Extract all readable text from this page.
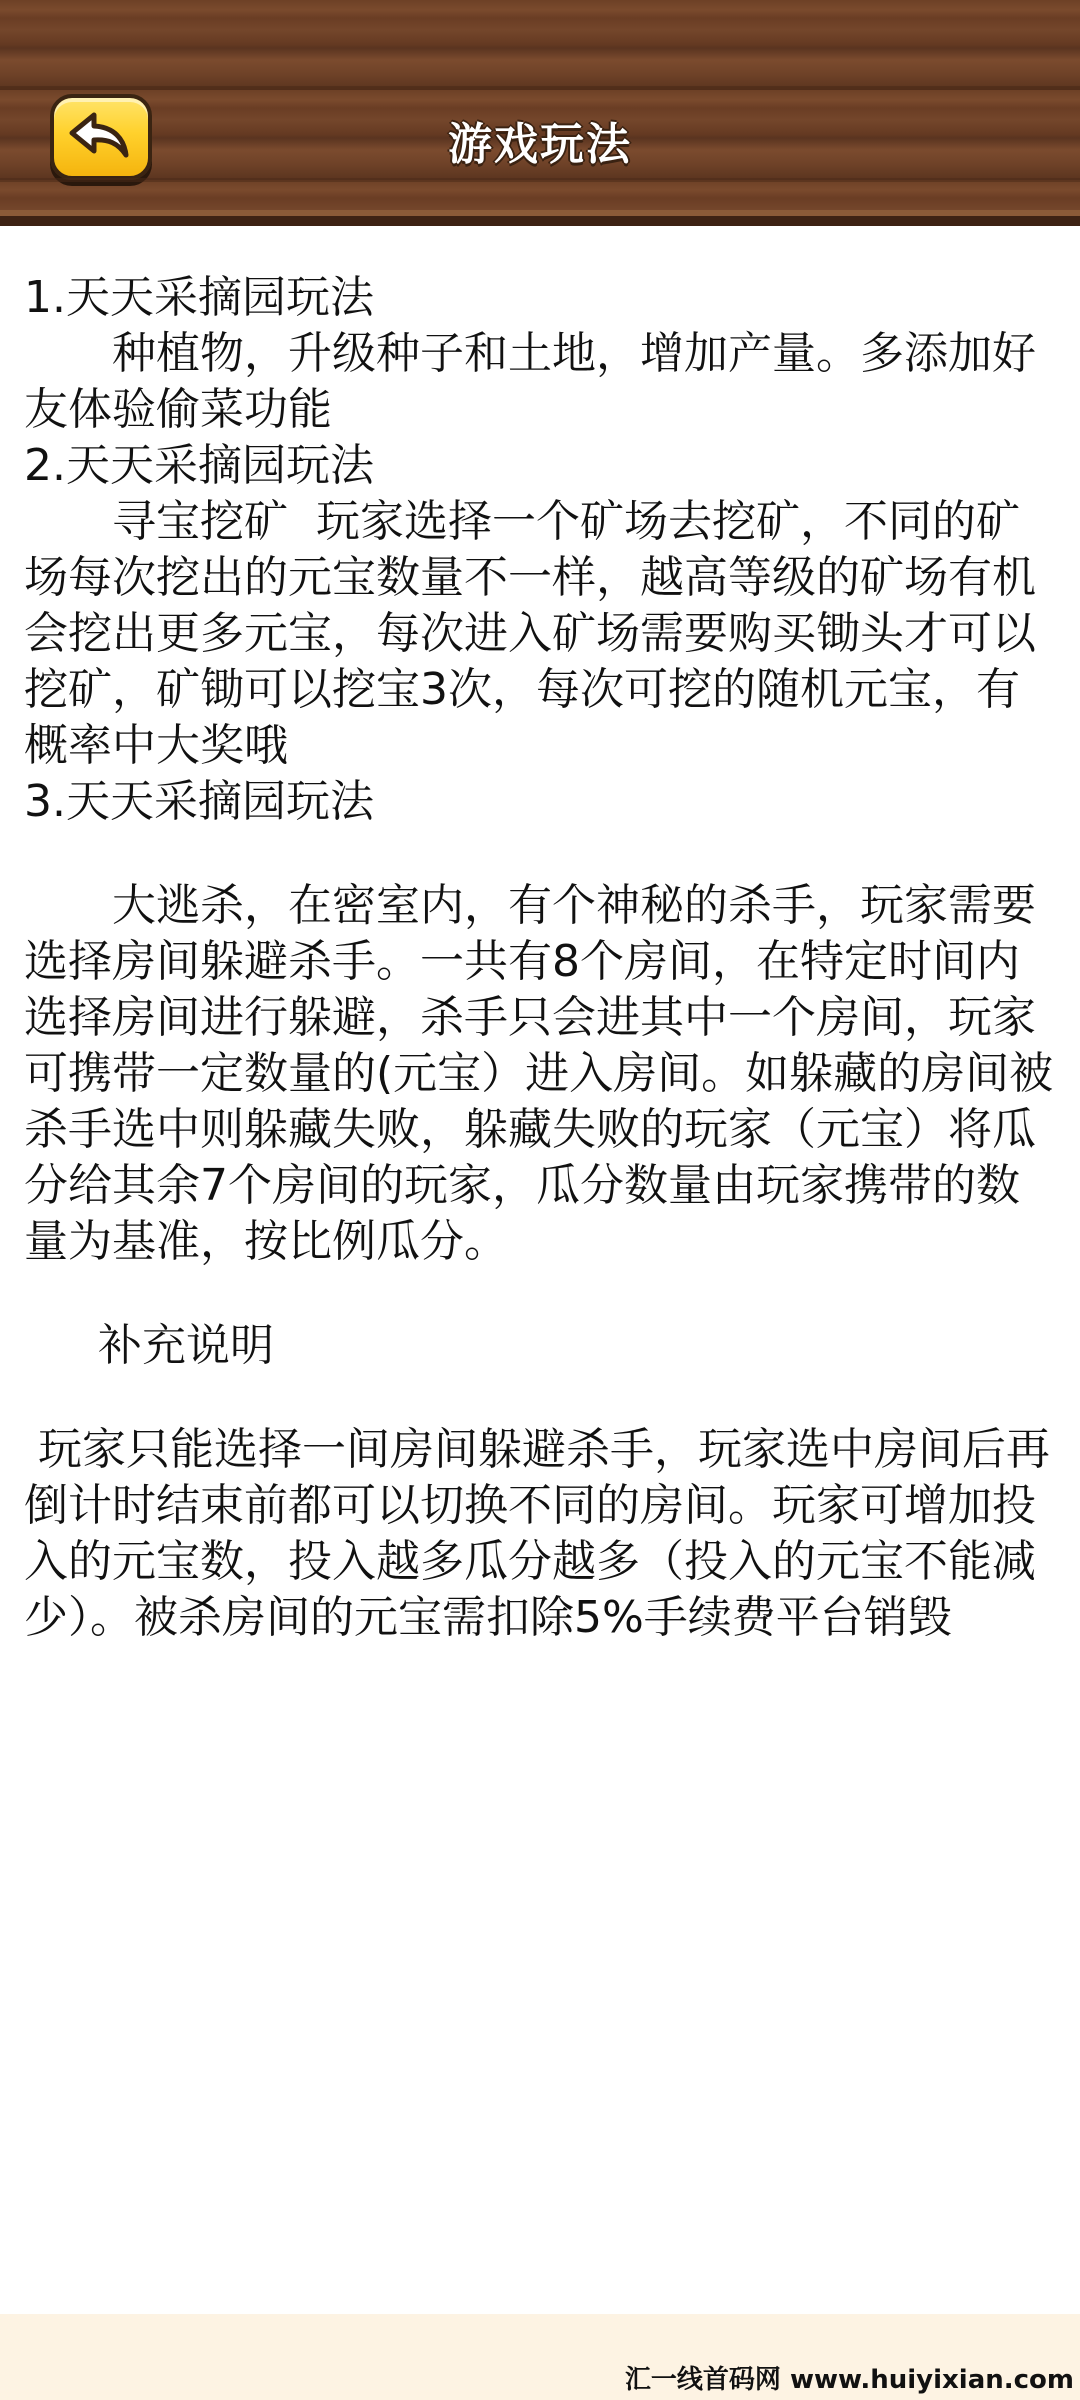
游戏玩法

1.天天采摘园玩法

种植物，升级种子和土地，增加产量。多添加好友体验偷菜功能

2.天天采摘园玩法

寻宝挖矿  玩家选择一个矿场去挖矿，不同的矿场每次挖出的元宝数量不一样，越高等级的矿场有机会挖出更多元宝，每次进入矿场需要购买锄头才可以挖矿，矿锄可以挖宝3次，每次可挖的随机元宝，有概率中大奖哦

3.天天采摘园玩法

大逃杀，在密室内，有个神秘的杀手，玩家需要选择房间躲避杀手。一共有8个房间，在特定时间内选择房间进行躲避，杀手只会进其中一个房间，玩家可携带一定数量的(元宝）进入房间。如躲藏的房间被杀手选中则躲藏失败，躲藏失败的玩家（元宝）将瓜分给其余7个房间的玩家，瓜分数量由玩家携带的数量为基准，按比例瓜分。

补充说明

玩家只能选择一间房间躲避杀手，玩家选中房间后再倒计时结束前都可以切换不同的房间。玩家可增加投入的元宝数，投入越多瓜分越多（投入的元宝不能减少）。被杀房间的元宝需扣除5%手续费平台销毁

汇一线首码网 www.huiyixian.com
